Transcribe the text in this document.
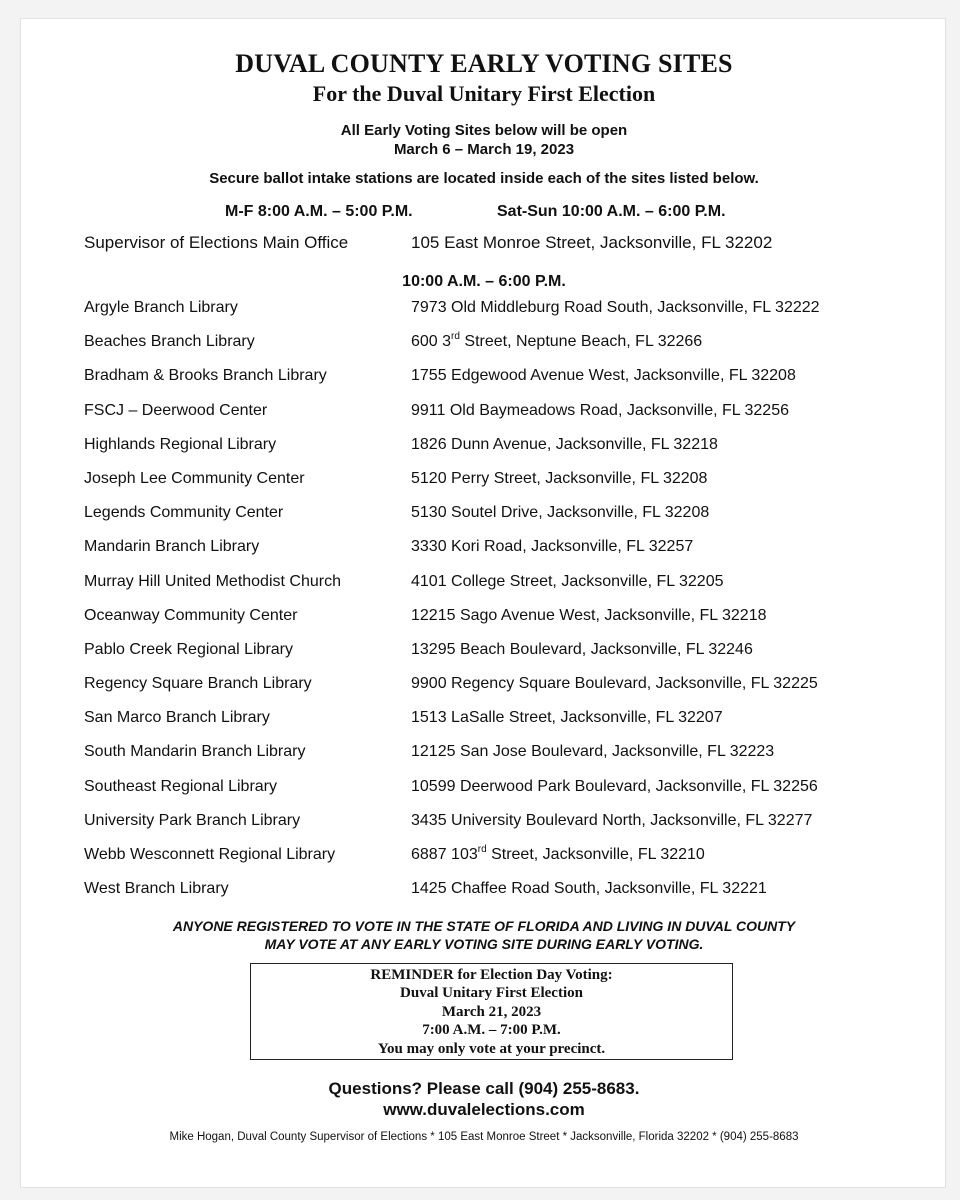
DUVAL COUNTY EARLY VOTING SITES
For the Duval Unitary First Election
All Early Voting Sites below will be open
March 6 – March 19, 2023
Secure ballot intake stations are located inside each of the sites listed below.
M-F 8:00 A.M. – 5:00 P.M.	Sat-Sun 10:00 A.M. – 6:00 P.M.
Supervisor of Elections Main Office	105 East Monroe Street, Jacksonville, FL 32202
10:00 A.M. – 6:00 P.M.
Argyle Branch Library	7973 Old Middleburg Road South, Jacksonville, FL 32222
Beaches Branch Library	600 3rd Street, Neptune Beach, FL 32266
Bradham & Brooks Branch Library	1755 Edgewood Avenue West, Jacksonville, FL 32208
FSCJ – Deerwood Center	9911 Old Baymeadows Road, Jacksonville, FL 32256
Highlands Regional Library	1826 Dunn Avenue, Jacksonville, FL 32218
Joseph Lee Community Center	5120 Perry Street, Jacksonville, FL 32208
Legends Community Center	5130 Soutel Drive, Jacksonville, FL 32208
Mandarin Branch Library	3330 Kori Road, Jacksonville, FL 32257
Murray Hill United Methodist Church	4101 College Street, Jacksonville, FL 32205
Oceanway Community Center	12215 Sago Avenue West, Jacksonville, FL 32218
Pablo Creek Regional Library	13295 Beach Boulevard, Jacksonville, FL 32246
Regency Square Branch Library	9900 Regency Square Boulevard, Jacksonville, FL 32225
San Marco Branch Library	1513 LaSalle Street, Jacksonville, FL 32207
South Mandarin Branch Library	12125 San Jose Boulevard, Jacksonville, FL 32223
Southeast Regional Library	10599 Deerwood Park Boulevard, Jacksonville, FL 32256
University Park Branch Library	3435 University Boulevard North, Jacksonville, FL 32277
Webb Wesconnett Regional Library	6887 103rd Street, Jacksonville, FL 32210
West Branch Library	1425 Chaffee Road South, Jacksonville, FL 32221
ANYONE REGISTERED TO VOTE IN THE STATE OF FLORIDA AND LIVING IN DUVAL COUNTY
MAY VOTE AT ANY EARLY VOTING SITE DURING EARLY VOTING.
REMINDER for Election Day Voting:
Duval Unitary First Election
March 21, 2023
7:00 A.M. – 7:00 P.M.
You may only vote at your precinct.
Questions? Please call (904) 255-8683.
www.duvalelections.com
Mike Hogan, Duval County Supervisor of Elections * 105 East Monroe Street * Jacksonville, Florida 32202 * (904) 255-8683
